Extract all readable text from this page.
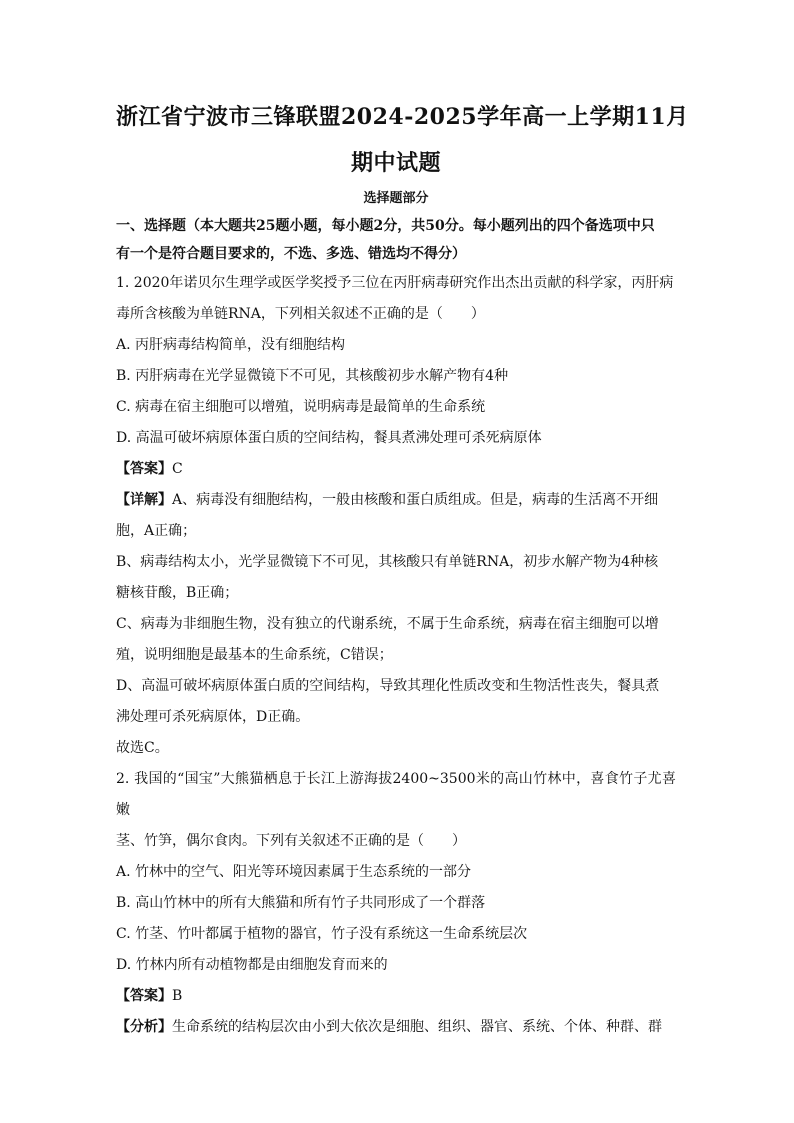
浙江省宁波市三锋联盟2024-2025学年高一上学期11月
期中试题
选择题部分
一、选择题（本大题共25题小题，每小题2分，共50分。每小题列出的四个备选项中只
有一个是符合题目要求的，不选、多选、错选均不得分）
1. 2020年诺贝尔生理学或医学奖授予三位在丙肝病毒研究作出杰出贡献的科学家，丙肝病
毒所含核酸为单链RNA，下列相关叙述不正确的是（　　）
A. 丙肝病毒结构简单，没有细胞结构
B. 丙肝病毒在光学显微镜下不可见，其核酸初步水解产物有4种
C. 病毒在宿主细胞可以增殖，说明病毒是最简单的生命系统
D. 高温可破坏病原体蛋白质的空间结构，餐具煮沸处理可杀死病原体
【答案】C
【详解】A、病毒没有细胞结构，一般由核酸和蛋白质组成。但是，病毒的生活离不开细
胞，A正确；
B、病毒结构太小，光学显微镜下不可见，其核酸只有单链RNA，初步水解产物为4种核
糖核苷酸，B正确；
C、病毒为非细胞生物，没有独立的代谢系统，不属于生命系统，病毒在宿主细胞可以增
殖，说明细胞是最基本的生命系统，C错误；
D、高温可破坏病原体蛋白质的空间结构，导致其理化性质改变和生物活性丧失，餐具煮
沸处理可杀死病原体，D正确。
故选C。
2. 我国的“国宝”大熊猫栖息于长江上游海拔2400~3500米的高山竹林中，喜食竹子尤喜嫩
茎、竹笋，偶尔食肉。下列有关叙述不正确的是（　　）
A. 竹林中的空气、阳光等环境因素属于生态系统的一部分
B. 高山竹林中的所有大熊猫和所有竹子共同形成了一个群落
C. 竹茎、竹叶都属于植物的器官，竹子没有系统这一生命系统层次
D. 竹林内所有动植物都是由细胞发育而来的
【答案】B
【分析】生命系统的结构层次由小到大依次是细胞、组织、器官、系统、个体、种群、群
